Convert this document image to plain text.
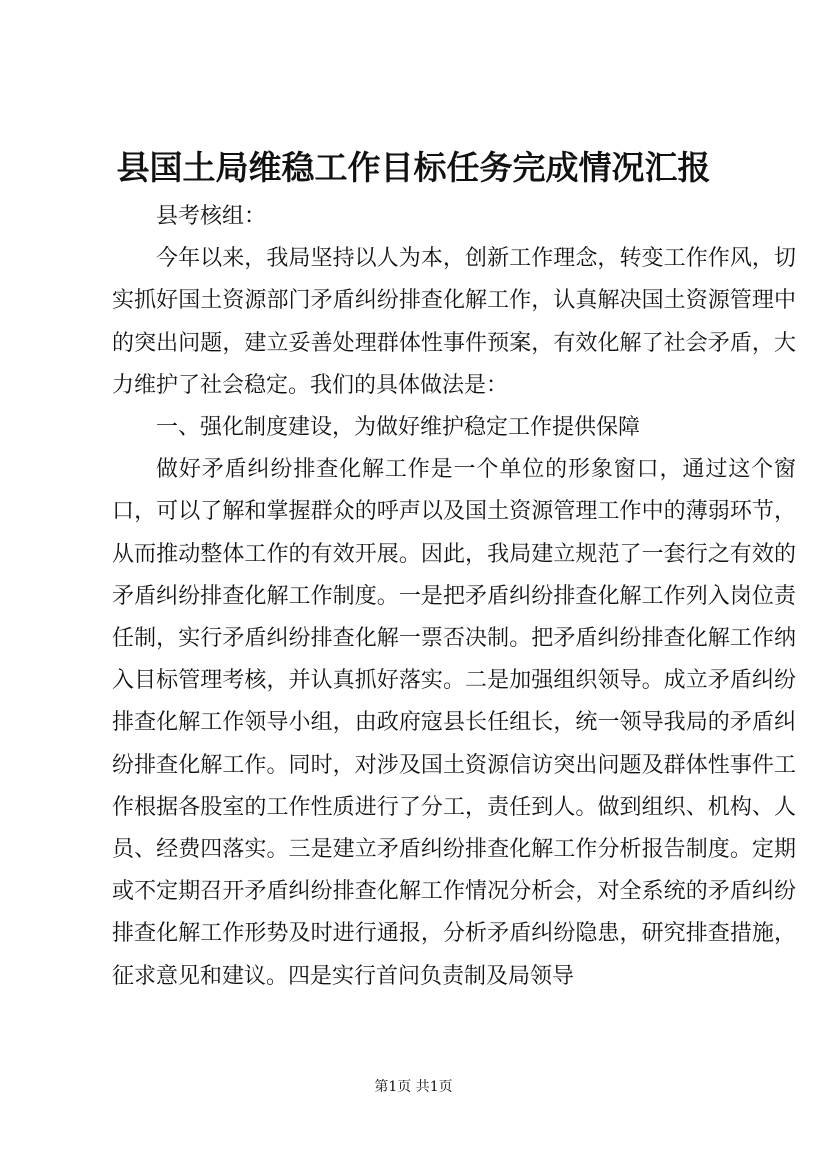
县国土局维稳工作目标任务完成情况汇报

县考核组：

今年以来，我局坚持以人为本，创新工作理念，转变工作作风，切实抓好国土资源部门矛盾纠纷排查化解工作，认真解决国土资源管理中的突出问题，建立妥善处理群体性事件预案，有效化解了社会矛盾，大力维护了社会稳定。我们的具体做法是：

一、强化制度建设，为做好维护稳定工作提供保障

做好矛盾纠纷排查化解工作是一个单位的形象窗口，通过这个窗口，可以了解和掌握群众的呼声以及国土资源管理工作中的薄弱环节，从而推动整体工作的有效开展。因此，我局建立规范了一套行之有效的矛盾纠纷排查化解工作制度。一是把矛盾纠纷排查化解工作列入岗位责任制，实行矛盾纠纷排查化解一票否决制。把矛盾纠纷排查化解工作纳入目标管理考核，并认真抓好落实。二是加强组织领导。成立矛盾纠纷排查化解工作领导小组，由政府寇县长任组长，统一领导我局的矛盾纠纷排查化解工作。同时，对涉及国土资源信访突出问题及群体性事件工作根据各股室的工作性质进行了分工，责任到人。做到组织、机构、人员、经费四落实。三是建立矛盾纠纷排查化解工作分析报告制度。定期或不定期召开矛盾纠纷排查化解工作情况分析会，对全系统的矛盾纠纷排查化解工作形势及时进行通报，分析矛盾纠纷隐患，研究排查措施，征求意见和建议。四是实行首问负责制及局领导

第1页 共1页
